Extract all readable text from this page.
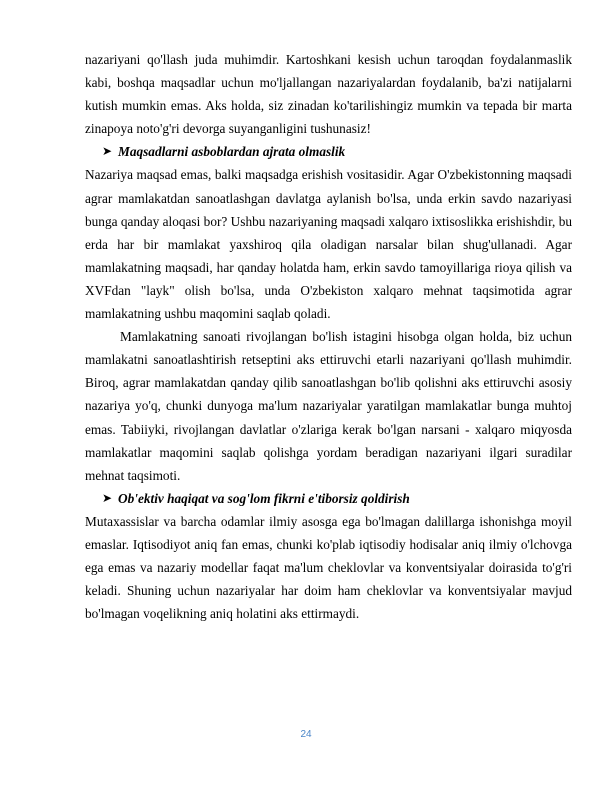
nazariyani qo'llash juda muhimdir. Kartoshkani kesish uchun taroqdan foydalanmaslik kabi, boshqa maqsadlar uchun mo'ljallangan nazariyalardan foydalanib, ba'zi natijalarni kutish mumkin emas. Aks holda, siz zinadan ko'tarilishingiz mumkin va tepada bir marta zinapoya noto'g'ri devorga suyanganligini tushunasiz!

➤ Maqsadlarni asboblardan ajrata olmaslik

Nazariya maqsad emas, balki maqsadga erishish vositasidir. Agar O'zbekistonning maqsadi agrar mamlakatdan sanoatlashgan davlatga aylanish bo'lsa, unda erkin savdo nazariyasi bunga qanday aloqasi bor? Ushbu nazariyaning maqsadi xalqaro ixtisoslikka erishishdir, bu erda har bir mamlakat yaxshiroq qila oladigan narsalar bilan shug'ullanadi. Agar mamlakatning maqsadi, har qanday holatda ham, erkin savdo tamoyillariga rioya qilish va XVFdan "layk" olish bo'lsa, unda O'zbekiston xalqaro mehnat taqsimotida agrar mamlakatning ushbu maqomini saqlab qoladi.

Mamlakatning sanoati rivojlangan bo'lish istagini hisobga olgan holda, biz uchun mamlakatni sanoatlashtirish retseptini aks ettiruvchi etarli nazariyani qo'llash muhimdir. Biroq, agrar mamlakatdan qanday qilib sanoatlashgan bo'lib qolishni aks ettiruvchi asosiy nazariya yo'q, chunki dunyoga ma'lum nazariyalar yaratilgan mamlakatlar bunga muhtoj emas. Tabiiyki, rivojlangan davlatlar o'zlariga kerak bo'lgan narsani - xalqaro miqyosda mamlakatlar maqomini saqlab qolishga yordam beradigan nazariyani ilgari suradilar mehnat taqsimoti.

➤ Ob'ektiv haqiqat va sog'lom fikrni e'tiborsiz qoldirish

Mutaxassislar va barcha odamlar ilmiy asosga ega bo'lmagan dalillarga ishonishga moyil emaslar. Iqtisodiyot aniq fan emas, chunki ko'plab iqtisodiy hodisalar aniq ilmiy o'lchovga ega emas va nazariy modellar faqat ma'lum cheklovlar va konventsiyalar doirasida to'g'ri keladi. Shuning uchun nazariyalar har doim ham cheklovlar va konventsiyalar mavjud bo'lmagan voqelikning aniq holatini aks ettirmaydi.

24
